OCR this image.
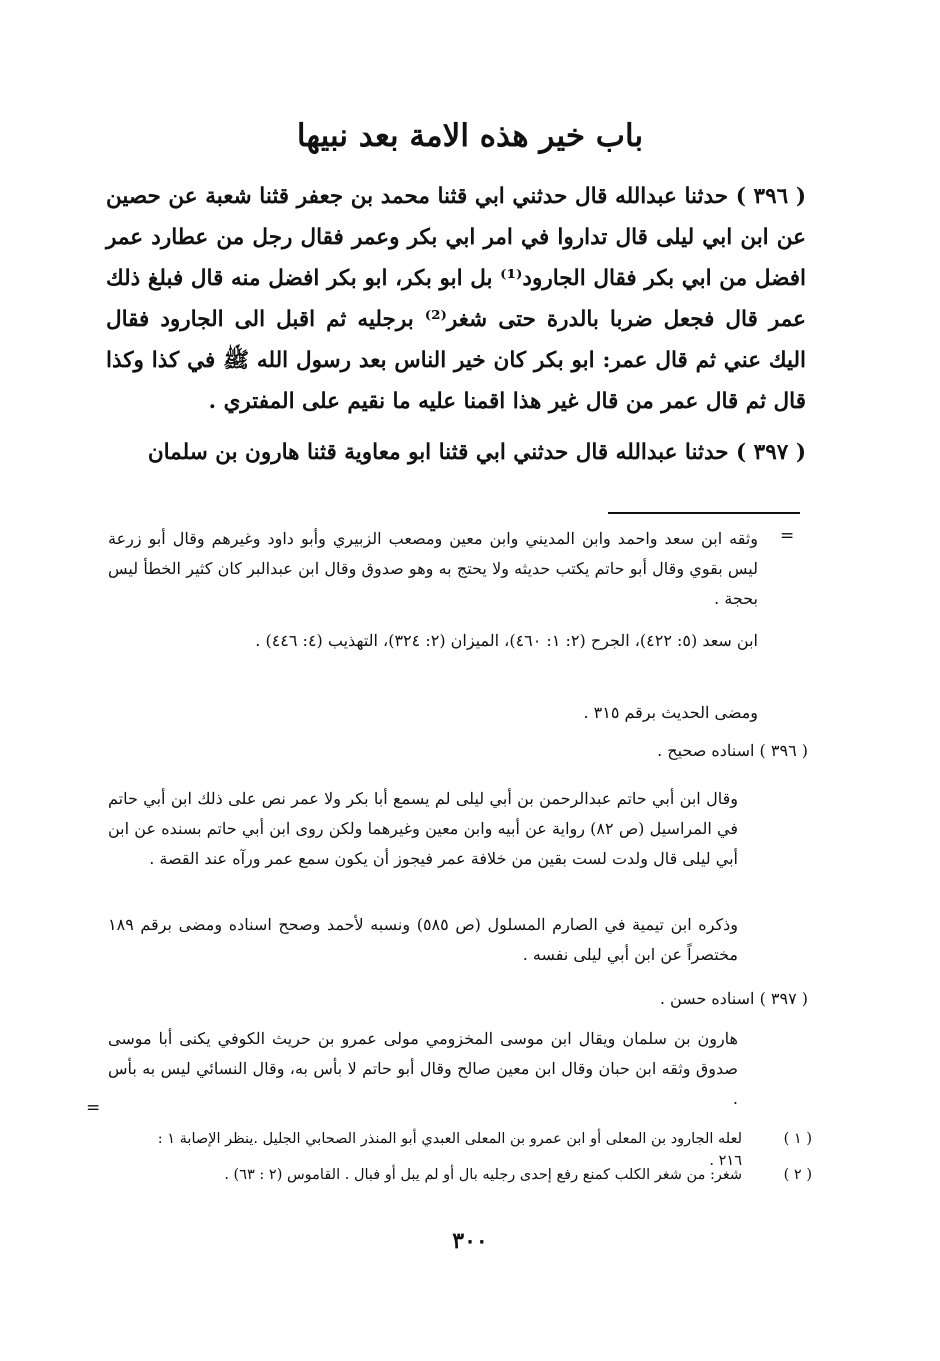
باب خير هذه الامة بعد نبيها

( ٣٩٦ ) حدثنا عبدالله قال حدثني ابي قثنا محمد بن جعفر قثنا شعبة عن حصين عن ابن ابي ليلى قال تداروا في امر ابي بكر وعمر فقال رجل من عطارد عمر افضل من ابي بكر فقال الجارود⁽¹⁾ بل ابو بكر، ابو بكر افضل منه قال فبلغ ذلك عمر قال فجعل ضربا بالدرة حتى شغر⁽²⁾ برجليه ثم اقبل الى الجارود فقال اليك عني ثم قال عمر: ابو بكر كان خير الناس بعد رسول الله ﷺ في كذا وكذا قال ثم قال عمر من قال غير هذا اقمنا عليه ما نقيم على المفتري .

( ٣٩٧ ) حدثنا عبدالله قال حدثني ابي قثنا ابو معاوية قثنا هارون بن سلمان

=

وثقه ابن سعد واحمد وابن المديني وابن معين ومصعب الزبيري وأبو داود وغيرهم وقال أبو زرعة ليس بقوي وقال أبو حاتم يكتب حديثه ولا يحتج به وهو صدوق وقال ابن عبدالبر كان كثير الخطأ ليس بحجة .

ابن سعد (٥: ٤٢٢)، الجرح (٢: ١: ٤٦٠)، الميزان (٢: ٣٢٤)، التهذيب (٤: ٤٤٦) .

ومضى الحديث برقم ٣١٥ .

( ٣٩٦ ) اسناده صحيح .

وقال ابن أبي حاتم عبدالرحمن بن أبي ليلى لم يسمع أبا بكر ولا عمر نص على ذلك ابن أبي حاتم في المراسيل (ص ٨٢) رواية عن أبيه وابن معين وغيرهما ولكن روى ابن أبي حاتم بسنده عن ابن أبي ليلى قال ولدت لست بقين من خلافة عمر فيجوز أن يكون سمع عمر ورآه عند القصة .

وذكره ابن تيمية في الصارم المسلول (ص ٥٨٥) ونسبه لأحمد وصحح اسناده ومضى برقم ١٨٩ مختصراً عن ابن أبي ليلى نفسه .

( ٣٩٧ ) اسناده حسن .

هارون بن سلمان ويقال ابن موسى المخزومي مولى عمرو بن حريث الكوفي يكنى أبا موسى صدوق وثقه ابن حبان وقال ابن معين صالح وقال أبو حاتم لا بأس به، وقال النسائي ليس به بأس .

=
( ١ )
لعله الجارود بن المعلى أو ابن عمرو بن المعلى العبدي أبو المنذر الصحابي الجليل .ينظر الإصابة ١ : ٢١٦ .
( ٢ )
شغر: من شغر الكلب كمنع رفع إحدى رجليه بال أو لم يبل أو فبال . القاموس (٢ : ٦٣) .
٣٠٠
